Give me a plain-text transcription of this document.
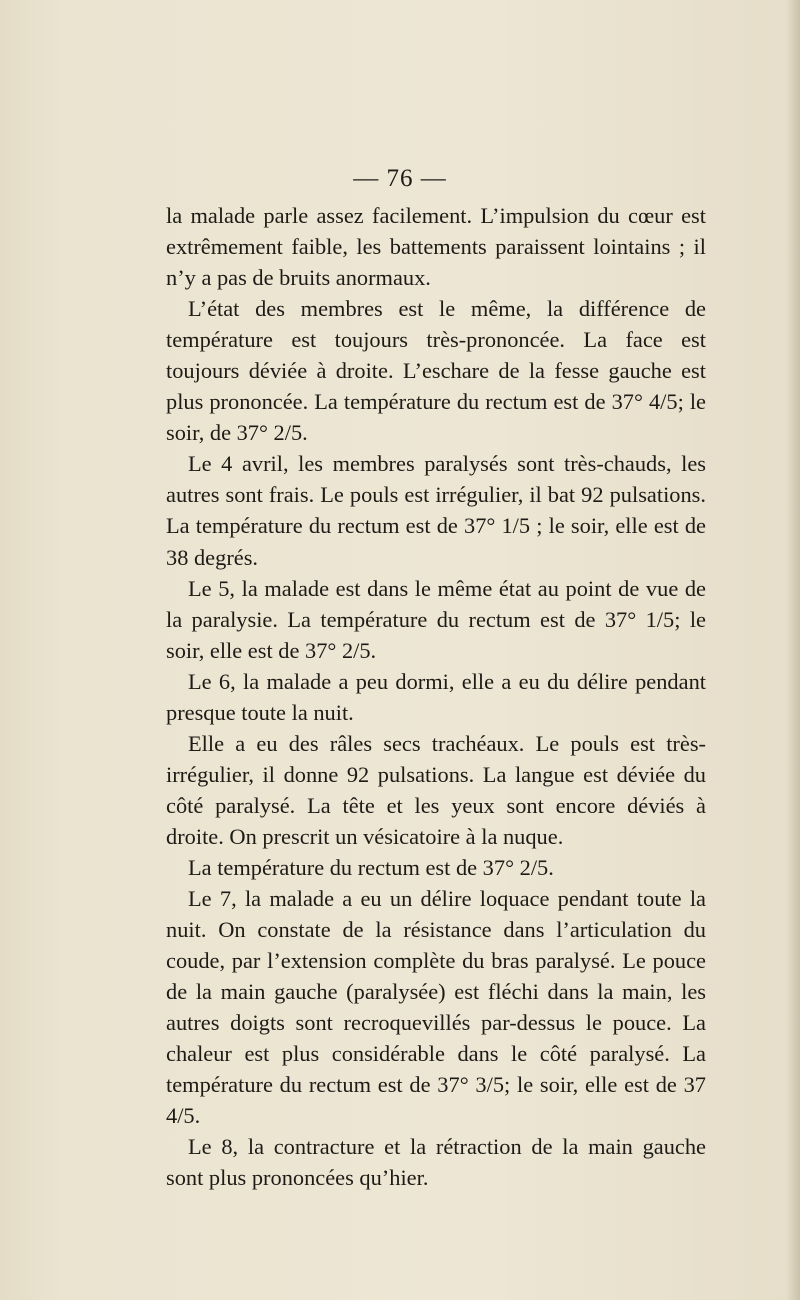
— 76 —

la malade parle assez facilement. L’impulsion du cœur est extrêmement faible, les battements paraissent lointains ; il n’y a pas de bruits anormaux.

L’état des membres est le même, la différence de température est toujours très-prononcée. La face est toujours déviée à droite. L’eschare de la fesse gauche est plus prononcée. La température du rectum est de 37° 4/5; le soir, de 37° 2/5.

Le 4 avril, les membres paralysés sont très-chauds, les autres sont frais. Le pouls est irrégulier, il bat 92 pulsations. La température du rectum est de 37° 1/5 ; le soir, elle est de 38 degrés.

Le 5, la malade est dans le même état au point de vue de la paralysie. La température du rectum est de 37° 1/5; le soir, elle est de 37° 2/5.

Le 6, la malade a peu dormi, elle a eu du délire pendant presque toute la nuit.

Elle a eu des râles secs trachéaux. Le pouls est très-irrégulier, il donne 92 pulsations. La langue est déviée du côté paralysé. La tête et les yeux sont encore déviés à droite. On prescrit un vésicatoire à la nuque.

La température du rectum est de 37° 2/5.

Le 7, la malade a eu un délire loquace pendant toute la nuit. On constate de la résistance dans l’articulation du coude, par l’extension complète du bras paralysé. Le pouce de la main gauche (paralysée) est fléchi dans la main, les autres doigts sont recroquevillés par-dessus le pouce. La chaleur est plus considérable dans le côté paralysé. La température du rectum est de 37° 3/5; le soir, elle est de 37 4/5.

Le 8, la contracture et la rétraction de la main gauche sont plus prononcées qu’hier.
